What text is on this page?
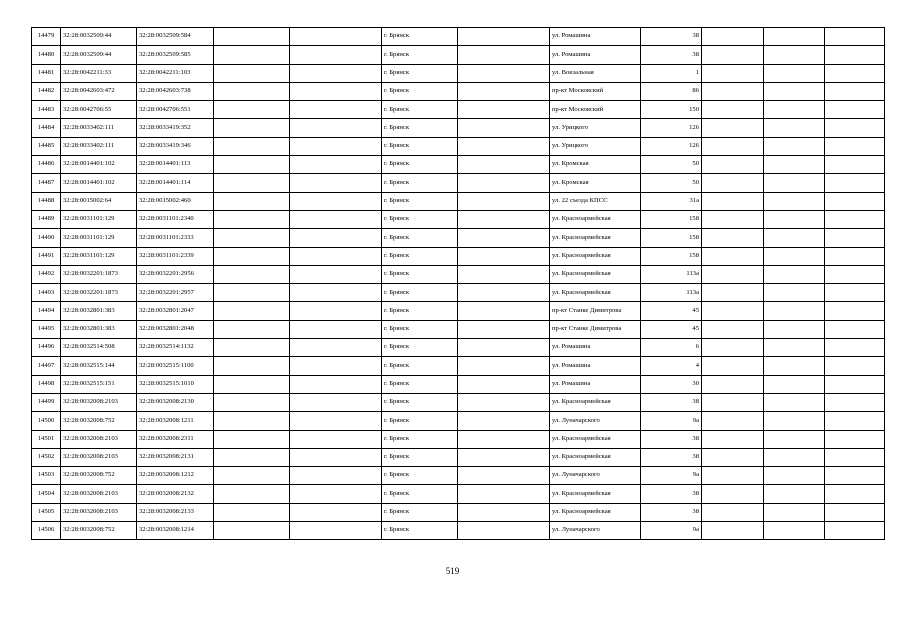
14479	32:28:0032509:44	32:28:0032509:584			г. Брянск		ул. Ромашина	38			
14480	32:28:0032509:44	32:28:0032509:585			г. Брянск		ул. Ромашина	38			
14481	32:28:0042211:33	32:28:0042211:103			г. Брянск		ул. Вокзальная	1			
14482	32:28:0042603:472	32:28:0042603:738			г. Брянск		пр-кт Московский	86			
14483	32:28:0042706:55	32:28:0042706:551			г. Брянск		пр-кт Московский	150			
14484	32:28:0033402:111	32:28:0033419:352			г. Брянск		ул. Урицкого	126			
14485	32:28:0033402:111	32:28:0033419:346			г. Брянск		ул. Урицкого	126			
14486	32:28:0014401:102	32:28:0014401:113			г. Брянск		ул. Кромская	50			
14487	32:28:0014401:102	32:28:0014401:114			г. Брянск		ул. Кромская	50			
14488	32:28:0015002:64	32:28:0015002:460			г. Брянск		ул. 22 съезда КПСС	31а			
14489	32:28:0031101:129	32:28:0031101:2340			г. Брянск		ул. Красноармейская	158			
14490	32:28:0031101:129	32:28:0031101:2333			г. Брянск		ул. Красноармейская	158			
14491	32:28:0031101:129	32:28:0031101:2339			г. Брянск		ул. Красноармейская	158			
14492	32:28:0032201:1873	32:28:0032201:2956			г. Брянск		ул. Красноармейская	113а			
14493	32:28:0032201:1873	32:28:0032201:2957			г. Брянск		ул. Красноармейская	113а			
14494	32:28:0032801:383	32:28:0032801:2047			г. Брянск		пр-кт Станке Димитрова	45			
14495	32:28:0032801:383	32:28:0032801:2048			г. Брянск		пр-кт Станке Димитрова	45			
14496	32:28:0032514:508	32:28:0032514:1132			г. Брянск		ул. Ромашина	6			
14497	32:28:0032515:144	32:28:0032515:1100			г. Брянск		ул. Ромашина	4			
14498	32:28:0032515:151	32:28:0032515:1010			г. Брянск		ул. Ромашина	30			
14499	32:28:0032008:2103	32:28:0032008:2130			г. Брянск		ул. Красноармейская	38			
14500	32:28:0032008:752	32:28:0032008:1211			г. Брянск		ул. Луначарского	9а			
14501	32:28:0032008:2103	32:28:0032008:2311			г. Брянск		ул. Красноармейская	38			
14502	32:28:0032008:2103	32:28:0032008:2131			г. Брянск		ул. Красноармейская	38			
14503	32:28:0032008:752	32:28:0032008:1212			г. Брянск		ул. Луначарского	9а			
14504	32:28:0032008:2103	32:28:0032008:2132			г. Брянск		ул. Красноармейская	38			
14505	32:28:0032008:2103	32:28:0032008:2133			г. Брянск		ул. Красноармейская	38			
14506	32:28:0032008:752	32:28:0032008:1214			г. Брянск		ул. Луначарского	9а			
519
